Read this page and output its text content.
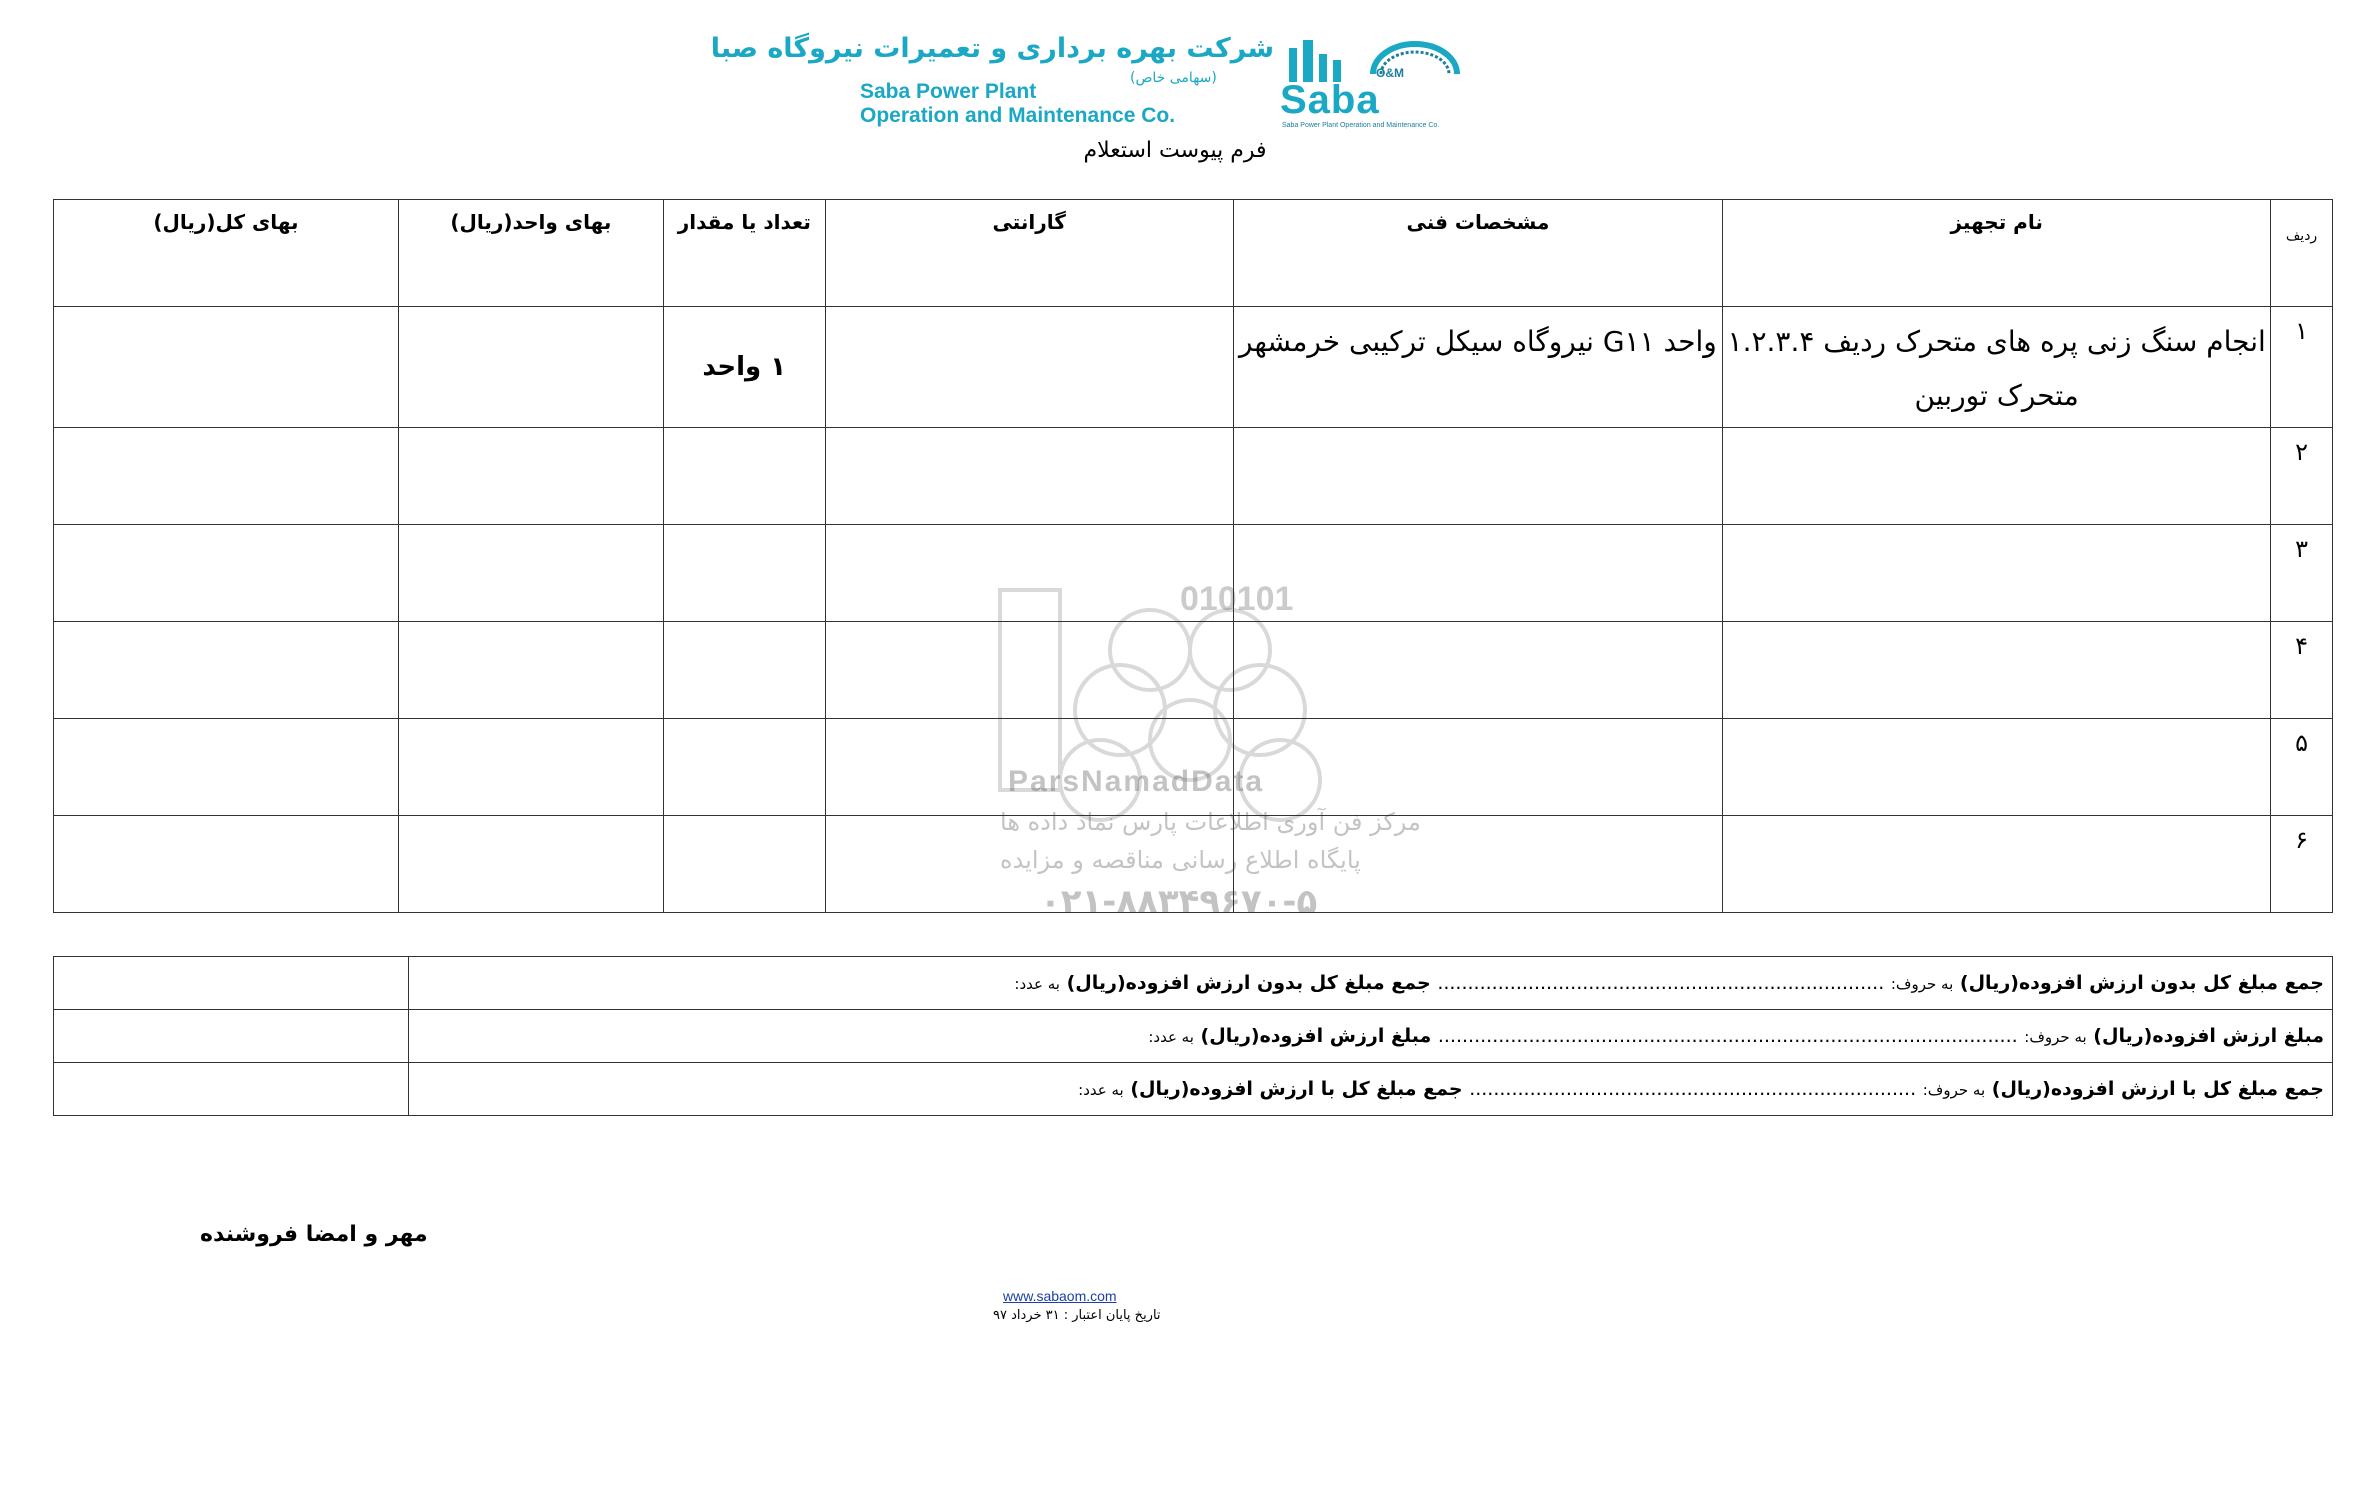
شرکت بهره برداری و تعمیرات نیروگاه صبا
(سهامی خاص)
Saba Power Plant
Operation and Maintenance Co.
O&M
Saba
Saba Power Plant Operation and Maintenance Co.
فرم پیوست استعلام
ParsNamadData
مرکز فن آوری اطلاعات پارس نماد داده ها
پایگاه اطلاع رسانی مناقصه و مزایده
۰۲۱-۸۸۳۴۹۶۷۰-۵
010101
ردیف	نام تجهیز	مشخصات فنی	گارانتی	تعداد یا مقدار	بهای واحد(ریال)	بهای کل(ریال)
۱	انجام سنگ زنی پره های متحرک ردیف ۱.۲.۳.۴ متحرک توربین	واحد G۱۱ نیروگاه سیکل ترکیبی خرمشهر		۱ واحد		
۲						
۳						
۴						
۵						
۶						
جمع مبلغ کل بدون ارزش افزوده(ریال) به حروف: .......................................................................... جمع مبلغ کل بدون ارزش افزوده(ریال) به عدد:	
مبلغ ارزش افزوده(ریال) به حروف: ................................................................................................ مبلغ ارزش افزوده(ریال) به عدد:	
جمع مبلغ کل با ارزش افزوده(ریال) به حروف: .......................................................................... جمع مبلغ کل با ارزش افزوده(ریال) به عدد:	
مهر و امضا فروشنده
www.sabaom.com
تاریخ پایان اعتبار : ۳۱ خرداد ۹۷
